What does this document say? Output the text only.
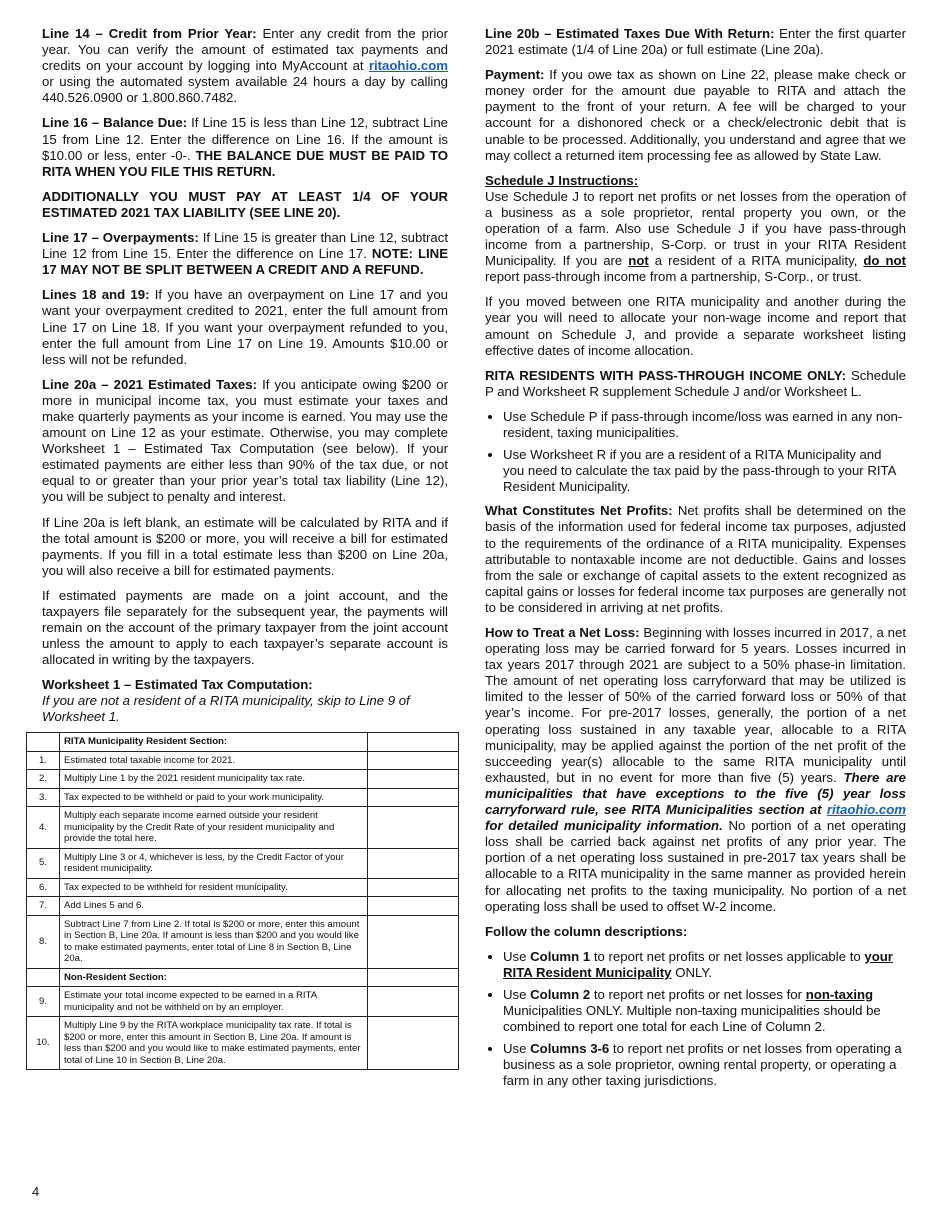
Line 14 – Credit from Prior Year: Enter any credit from the prior year. You can verify the amount of estimated tax payments and credits on your account by logging into MyAccount at ritaohio.com or using the automated system available 24 hours a day by calling 440.526.0900 or 1.800.860.7482.

Line 16 – Balance Due: If Line 15 is less than Line 12, subtract Line 15 from Line 12. Enter the difference on Line 16. If the amount is $10.00 or less, enter -0-. THE BALANCE DUE MUST BE PAID TO RITA WHEN YOU FILE THIS RETURN.

ADDITIONALLY YOU MUST PAY AT LEAST 1/4 OF YOUR ESTIMATED 2021 TAX LIABILITY (SEE LINE 20).

Line 17 – Overpayments: If Line 15 is greater than Line 12, subtract Line 12 from Line 15. Enter the difference on Line 17. NOTE: LINE 17 MAY NOT BE SPLIT BETWEEN A CREDIT AND A REFUND.

Lines 18 and 19: If you have an overpayment on Line 17 and you want your overpayment credited to 2021, enter the full amount from Line 17 on Line 18. If you want your overpayment refunded to you, enter the full amount from Line 17 on Line 19. Amounts $10.00 or less will not be refunded.

Line 20a – 2021 Estimated Taxes: If you anticipate owing $200 or more in municipal income tax, you must estimate your taxes and make quarterly payments as your income is earned. You may use the amount on Line 12 as your estimate. Otherwise, you may complete Worksheet 1 – Estimated Tax Computation (see below). If your estimated payments are either less than 90% of the tax due, or not equal to or greater than your prior year’s total tax liability (Line 12), you will be subject to penalty and interest.

If Line 20a is left blank, an estimate will be calculated by RITA and if the total amount is $200 or more, you will receive a bill for estimated payments. If you fill in a total estimate less than $200 on Line 20a, you will also receive a bill for estimated payments.

If estimated payments are made on a joint account, and the taxpayers file separately for the subsequent year, the payments will remain on the account of the primary taxpayer from the joint account unless the amount to apply to each taxpayer’s separate account is allocated in writing by the taxpayers.

Worksheet 1 – Estimated Tax Computation:
If you are not a resident of a RITA municipality, skip to Line 9 of Worksheet 1.
	RITA Municipality Resident Section:	
1.	Estimated total taxable income for 2021.	
2.	Multiply Line 1 by the 2021 resident municipality tax rate.	
3.	Tax expected to be withheld or paid to your work municipality.	
4.	Multiply each separate income earned outside your resident municipality by the Credit Rate of your resident municipality and provide the total here.	
5.	Multiply Line 3 or 4, whichever is less, by the Credit Factor of your resident municipality.	
6.	Tax expected to be withheld for resident municipality.	
7.	Add Lines 5 and 6.	
8.	Subtract Line 7 from Line 2. If total is $200 or more, enter this amount in Section B, Line 20a. If amount is less than $200 and you would like to make estimated payments, enter total of Line 8 in Section B, Line 20a.	
	Non-Resident Section:	
9.	Estimate your total income expected to be earned in a RITA municipality and not be withheld on by an employer.	
10.	Multiply Line 9 by the RITA workplace municipality tax rate. If total is $200 or more, enter this amount in Section B, Line 20a. If amount is less than $200 and you would like to make estimated payments, enter total of Line 10 in Section B, Line 20a.	

Line 20b – Estimated Taxes Due With Return: Enter the first quarter 2021 estimate (1/4 of Line 20a) or full estimate (Line 20a).

Payment: If you owe tax as shown on Line 22, please make check or money order for the amount due payable to RITA and attach the payment to the front of your return. A fee will be charged to your account for a dishonored check or a check/electronic debit that is unable to be processed. Additionally, you understand and agree that we may collect a returned item processing fee as allowed by State Law.

Schedule J Instructions:

Use Schedule J to report net profits or net losses from the operation of a business as a sole proprietor, rental property you own, or the operation of a farm. Also use Schedule J if you have pass-through income from a partnership, S-Corp. or trust in your RITA Resident Municipality. If you are not a resident of a RITA municipality, do not report pass-through income from a partnership, S-Corp., or trust.

If you moved between one RITA municipality and another during the year you will need to allocate your non-wage income and report that amount on Schedule J, and provide a separate worksheet listing effective dates of income allocation.

RITA RESIDENTS WITH PASS-THROUGH INCOME ONLY: Schedule P and Worksheet R supplement Schedule J and/or Worksheet L.

• Use Schedule P if pass-through income/loss was earned in any non-resident, taxing municipalities.
• Use Worksheet R if you are a resident of a RITA Municipality and you need to calculate the tax paid by the pass-through to your RITA Resident Municipality.

What Constitutes Net Profits: Net profits shall be determined on the basis of the information used for federal income tax purposes, adjusted to the requirements of the ordinance of a RITA municipality. Expenses attributable to nontaxable income are not deductible. Gains and losses from the sale or exchange of capital assets to the extent recognized as capital gains or losses for federal income tax purposes are generally not to be considered in arriving at net profits.

How to Treat a Net Loss: Beginning with losses incurred in 2017, a net operating loss may be carried forward for 5 years. Losses incurred in tax years 2017 through 2021 are subject to a 50% phase-in limitation. The amount of net operating loss carryforward that may be utilized is limited to the lesser of 50% of the carried forward loss or 50% of that year’s income. For pre-2017 losses, generally, the portion of a net operating loss sustained in any taxable year, allocable to a RITA municipality, may be applied against the portion of the net profit of the succeeding year(s) allocable to the same RITA municipality until exhausted, but in no event for more than five (5) years. There are municipalities that have exceptions to the five (5) year loss carryforward rule, see RITA Municipalities section at ritaohio.com for detailed municipality information. No portion of a net operating loss shall be carried back against net profits of any prior year. The portion of a net operating loss sustained in pre-2017 tax years shall be allocable to a RITA municipality in the same manner as provided herein for allocating net profits to the taxing municipality. No portion of a net operating loss shall be used to offset W-2 income.

Follow the column descriptions:

• Use Column 1 to report net profits or net losses applicable to your RITA Resident Municipality ONLY.
• Use Column 2 to report net profits or net losses for non-taxing Municipalities ONLY. Multiple non-taxing municipalities should be combined to report one total for each Line of Column 2.
• Use Columns 3-6 to report net profits or net losses from operating a business as a sole proprietor, owning rental property, or operating a farm in any other taxing jurisdictions.
4
